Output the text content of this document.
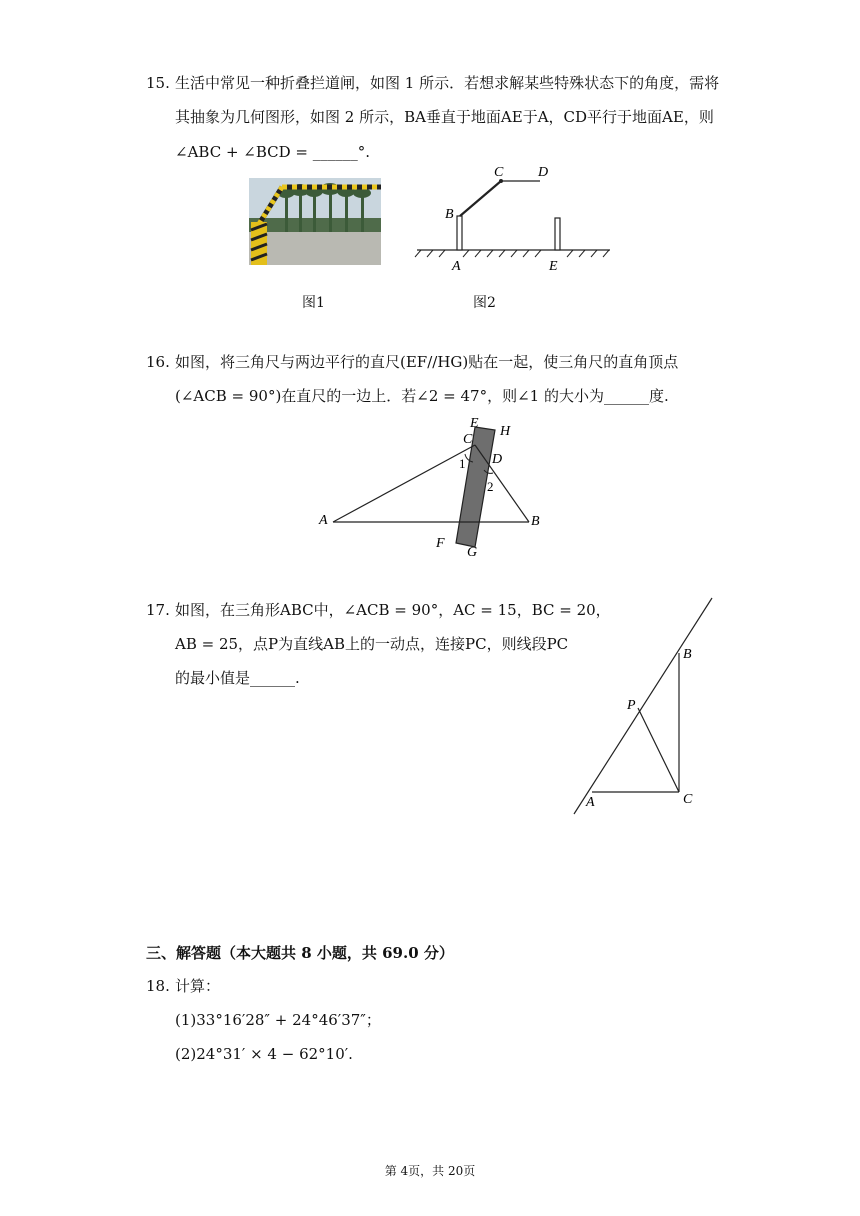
15. 生活中常见一种折叠拦道闸，如图 1 所示．若想求解某些特殊状态下的角度，需将
其抽象为几何图形，如图 2 所示，BA垂直于地面AE于A，CD平行于地面AE，则
∠ABC + ∠BCD = ______°.
B
C D
A	E
图1	图2
16. 如图，将三角尺与两边平行的直尺(EF//HG)贴在一起，使三角尺的直角顶点
(∠ACB = 90°)在直尺的一边上．若∠2 = 47°，则∠1 的大小为______度.
E
H
C
D
1
2
A	B
F
G
17. 如图，在三角形ABC中，∠ACB = 90°，AC = 15，BC = 20，
AB = 25，点P为直线AB上的一动点，连接PC，则线段PC
的最小值是______.
B
P
A	C
三、解答题（本大题共 8 小题，共 69.0 分）
18. 计算：
(1)33°16′28″ + 24°46′37″；
(2)24°31′ × 4 − 62°10′.
第 4页，共 20页
